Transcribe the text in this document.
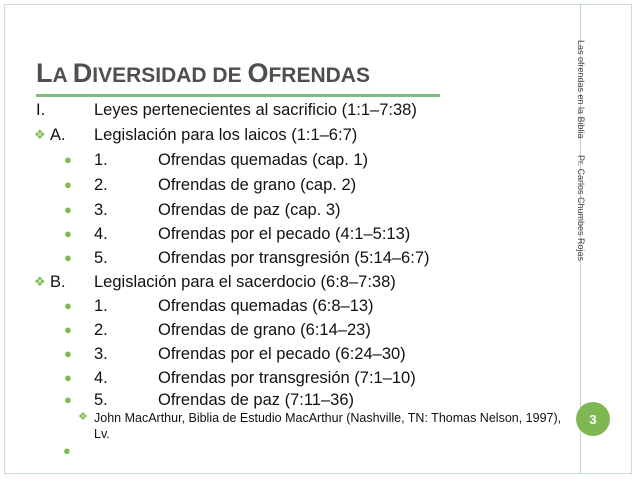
LA DIVERSIDAD DE OFRENDAS	Las ofrendas en la Biblia Pr. Carlos Chumbes Rojas
3
I.	Leyes pertenecientes al sacrificio (1:1–7:38)
❖ A. Legislación para los laicos (1:1–6:7)
● 1.	Ofrendas quemadas (cap. 1)
● 2.	Ofrendas de grano (cap. 2)
● 3.	Ofrendas de paz (cap. 3)
● 4.	Ofrendas por el pecado (4:1–5:13)
● 5.	Ofrendas por transgresión (5:14–6:7)
❖ B. Legislación para el sacerdocio (6:8–7:38)
● 1.	Ofrendas quemadas (6:8–13)
● 2.	Ofrendas de grano (6:14–23)
● 3.	Ofrendas por el pecado (6:24–30)
● 4.	Ofrendas por transgresión (7:1–10)
● 5.	Ofrendas de paz (7:11–36)
❖ John MacArthur, Biblia de Estudio MacArthur (Nashville, TN: Thomas Nelson, 1997), Lv.
●
